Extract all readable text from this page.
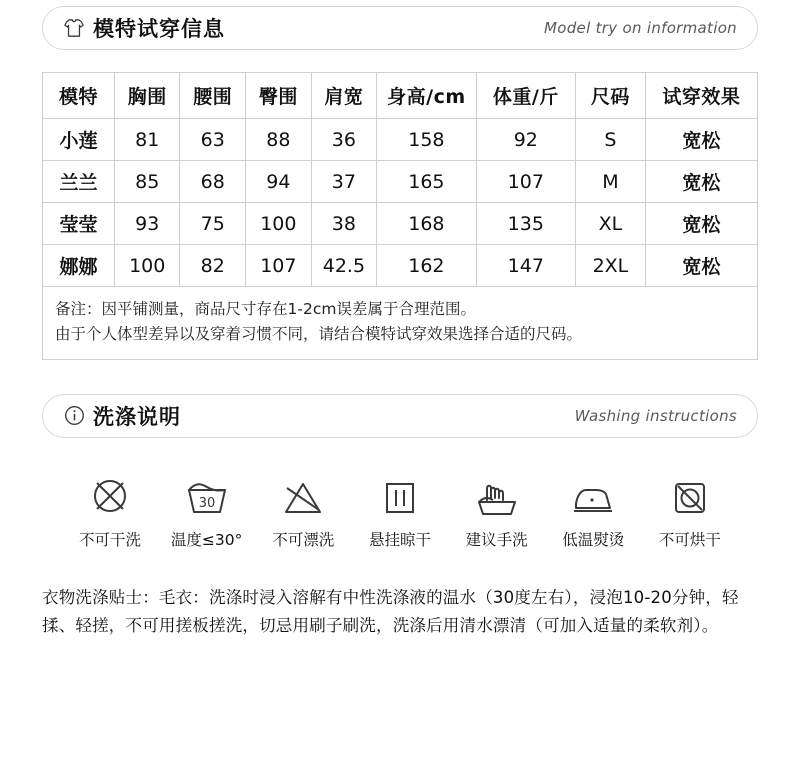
模特试穿信息	Model try on information
模特	胸围	腰围	臀围	肩宽	身高/cm	体重/斤	尺码	试穿效果
小莲	81	63	88	36	158	92	S	宽松
兰兰	85	68	94	37	165	107	M	宽松
莹莹	93	75	100	38	168	135	XL	宽松
娜娜	100	82	107	42.5	162	147	2XL	宽松
备注：因平铺测量，商品尺寸存在1-2cm误差属于合理范围。
由于个人体型差异以及穿着习惯不同，请结合模特试穿效果选择合适的尺码。
洗涤说明	Washing instructions
不可干洗
30
温度≤30° 不可漂洗 悬挂晾干 建议手洗 低温熨烫 不可烘干
衣物洗涤贴士：毛衣：洗涤时浸入溶解有中性洗涤液的温水（30度左右），浸泡10-20分钟，轻揉、轻搓，不可用搓板搓洗，切忌用刷子刷洗，洗涤后用清水漂清（可加入适量的柔软剂）。
